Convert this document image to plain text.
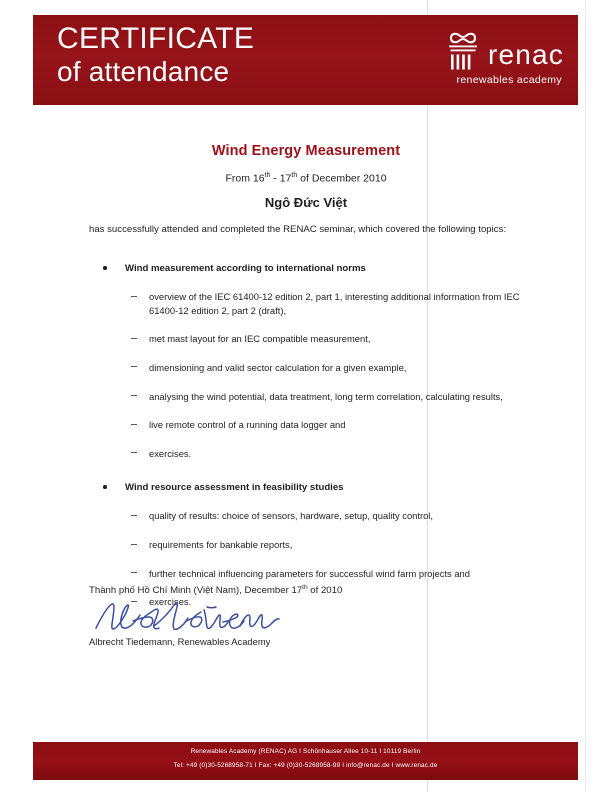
CERTIFICATE
of attendance
renac
renewables academy
Wind Energy Measurement
From 16th - 17th of December 2010
Ngô Đức Việt
has successfully attended and completed the RENAC seminar, which covered the following topics:
Wind measurement according to international norms
overview of the IEC 61400-12 edition 2, part 1, interesting additional information from IEC 61400-12 edition 2, part 2 (draft),
met mast layout for an IEC compatible measurement,
dimensioning and valid sector calculation for a given example,
analysing the wind potential, data treatment, long term correlation, calculating results,
live remote control of a running data logger and
exercises.
Wind resource assessment in feasibility studies
quality of results: choice of sensors, hardware, setup, quality control,
requirements for bankable reports,
further technical influencing parameters for successful wind farm projects and
exercises.
Thành phố Hồ Chí Minh (Việt Nam), December 17th of 2010
Albrecht Tiedemann, Renewables Academy
Renewables Academy (RENAC) AG I Schönhauser Allee 10-11 I 10119 Berlin
Tel: +49 (0)30-5268958-71 I Fax: +49 (0)30-5268958-99 I info@renac.de I www.renac.de
